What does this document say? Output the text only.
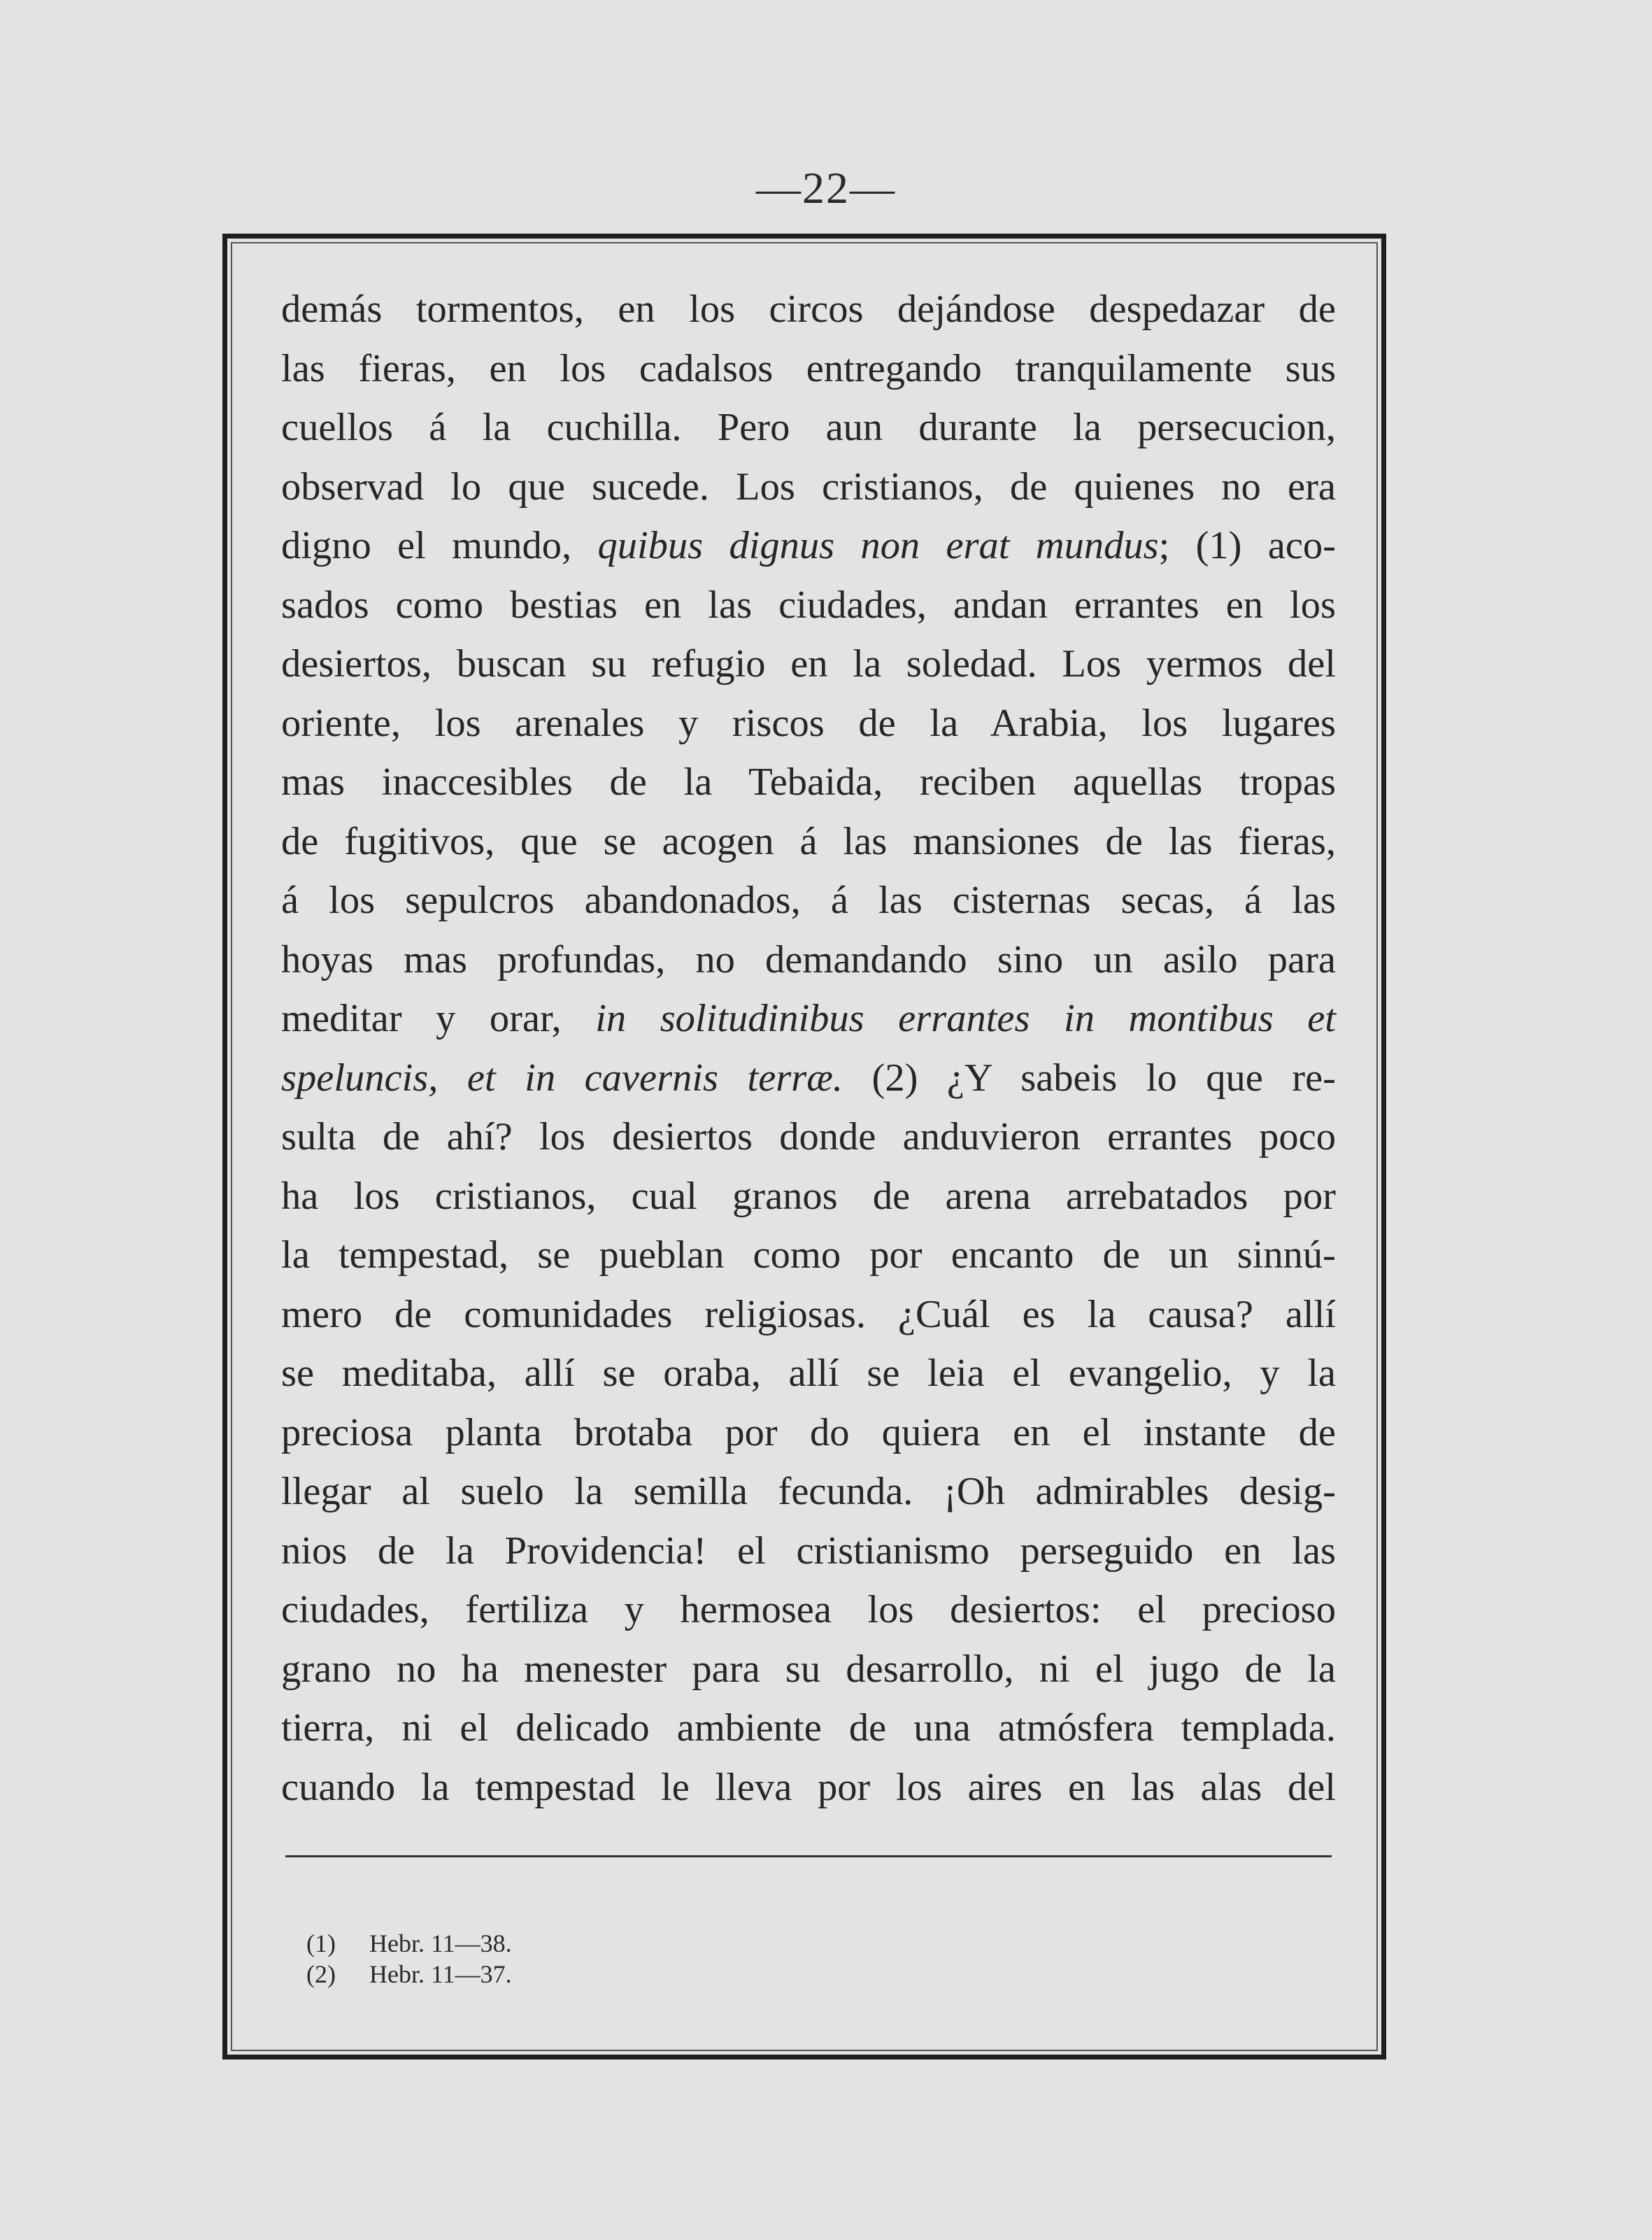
—22—
demás tormentos, en los circos dejándose despedazar de
las fieras, en los cadalsos entregando tranquilamente sus
cuellos á la cuchilla. Pero aun durante la persecucion,
observad lo que sucede. Los cristianos, de quienes no era
digno el mundo, quibus dignus non erat mundus; (1) aco-
sados como bestias en las ciudades, andan errantes en los
desiertos, buscan su refugio en la soledad. Los yermos del
oriente, los arenales y riscos de la Arabia, los lugares
mas inaccesibles de la Tebaida, reciben aquellas tropas
de fugitivos, que se acogen á las mansiones de las fieras,
á los sepulcros abandonados, á las cisternas secas, á las
hoyas mas profundas, no demandando sino un asilo para
meditar y orar, in solitudinibus errantes in montibus et
speluncis, et in cavernis terræ. (2) ¿Y sabeis lo que re-
sulta de ahí? los desiertos donde anduvieron errantes poco
ha los cristianos, cual granos de arena arrebatados por
la tempestad, se pueblan como por encanto de un sinnú-
mero de comunidades religiosas. ¿Cuál es la causa? allí
se meditaba, allí se oraba, allí se leia el evangelio, y la
preciosa planta brotaba por do quiera en el instante de
llegar al suelo la semilla fecunda. ¡Oh admirables desig-
nios de la Providencia! el cristianismo perseguido en las
ciudades, fertiliza y hermosea los desiertos: el precioso
grano no ha menester para su desarrollo, ni el jugo de la
tierra, ni el delicado ambiente de una atmósfera templada.
cuando la tempestad le lleva por los aires en las alas del
(1) Hebr. 11—38.
(2) Hebr. 11—37.
